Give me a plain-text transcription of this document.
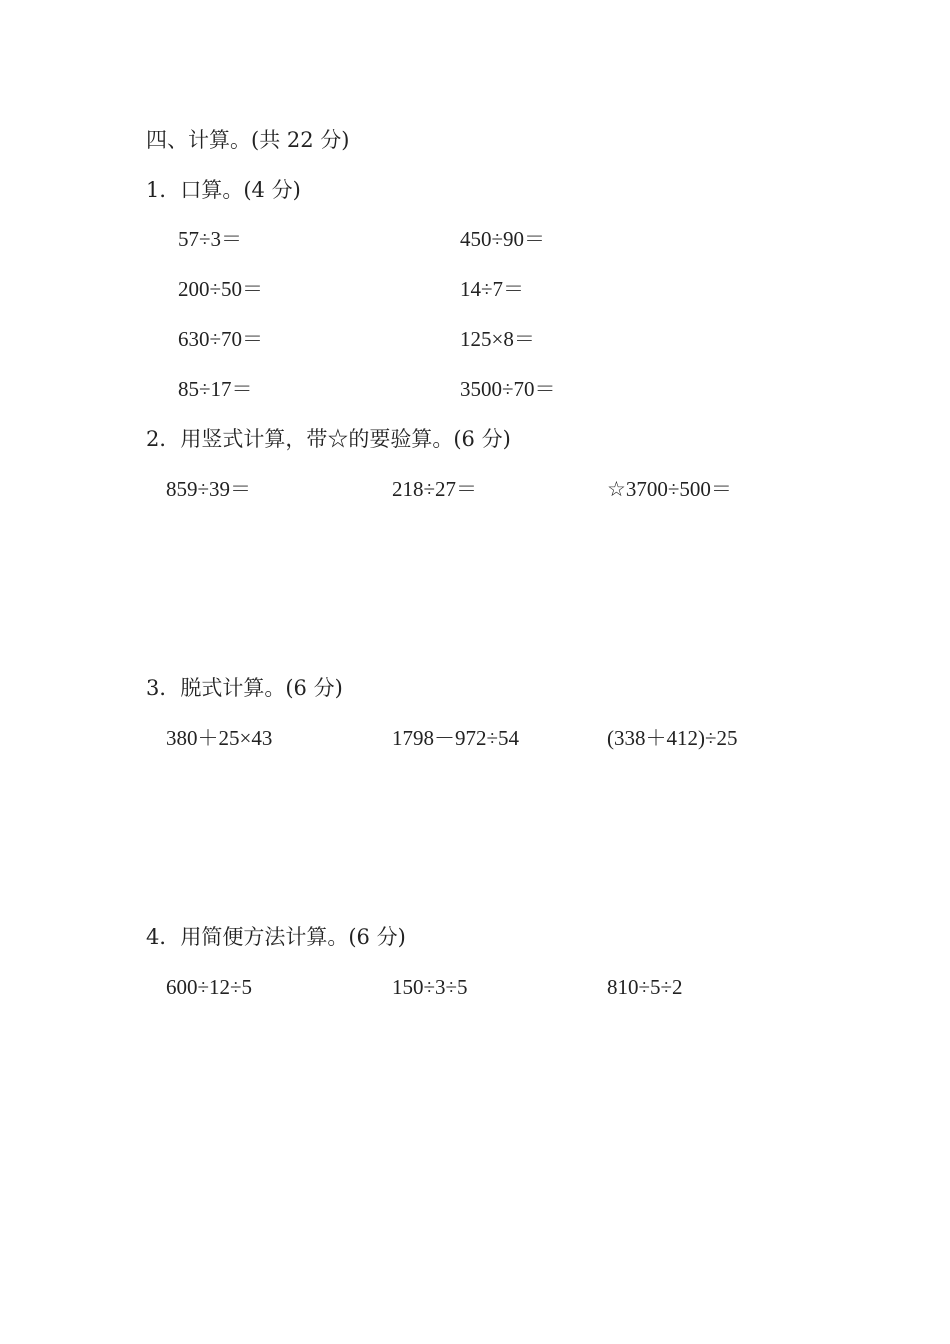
四、计算。(共 22 分)
1．口算。(4 分)
57÷3＝	450÷90＝
200÷50＝	14÷7＝
630÷70＝	125×8＝
85÷17＝	3500÷70＝
2．用竖式计算，带☆的要验算。(6 分)
859÷39＝	218÷27＝	☆3700÷500＝
3．脱式计算。(6 分)
380＋25×43	1798－972÷54	(338＋412)÷25
4．用简便方法计算。(6 分)
600÷12÷5	150÷3÷5	810÷5÷2
